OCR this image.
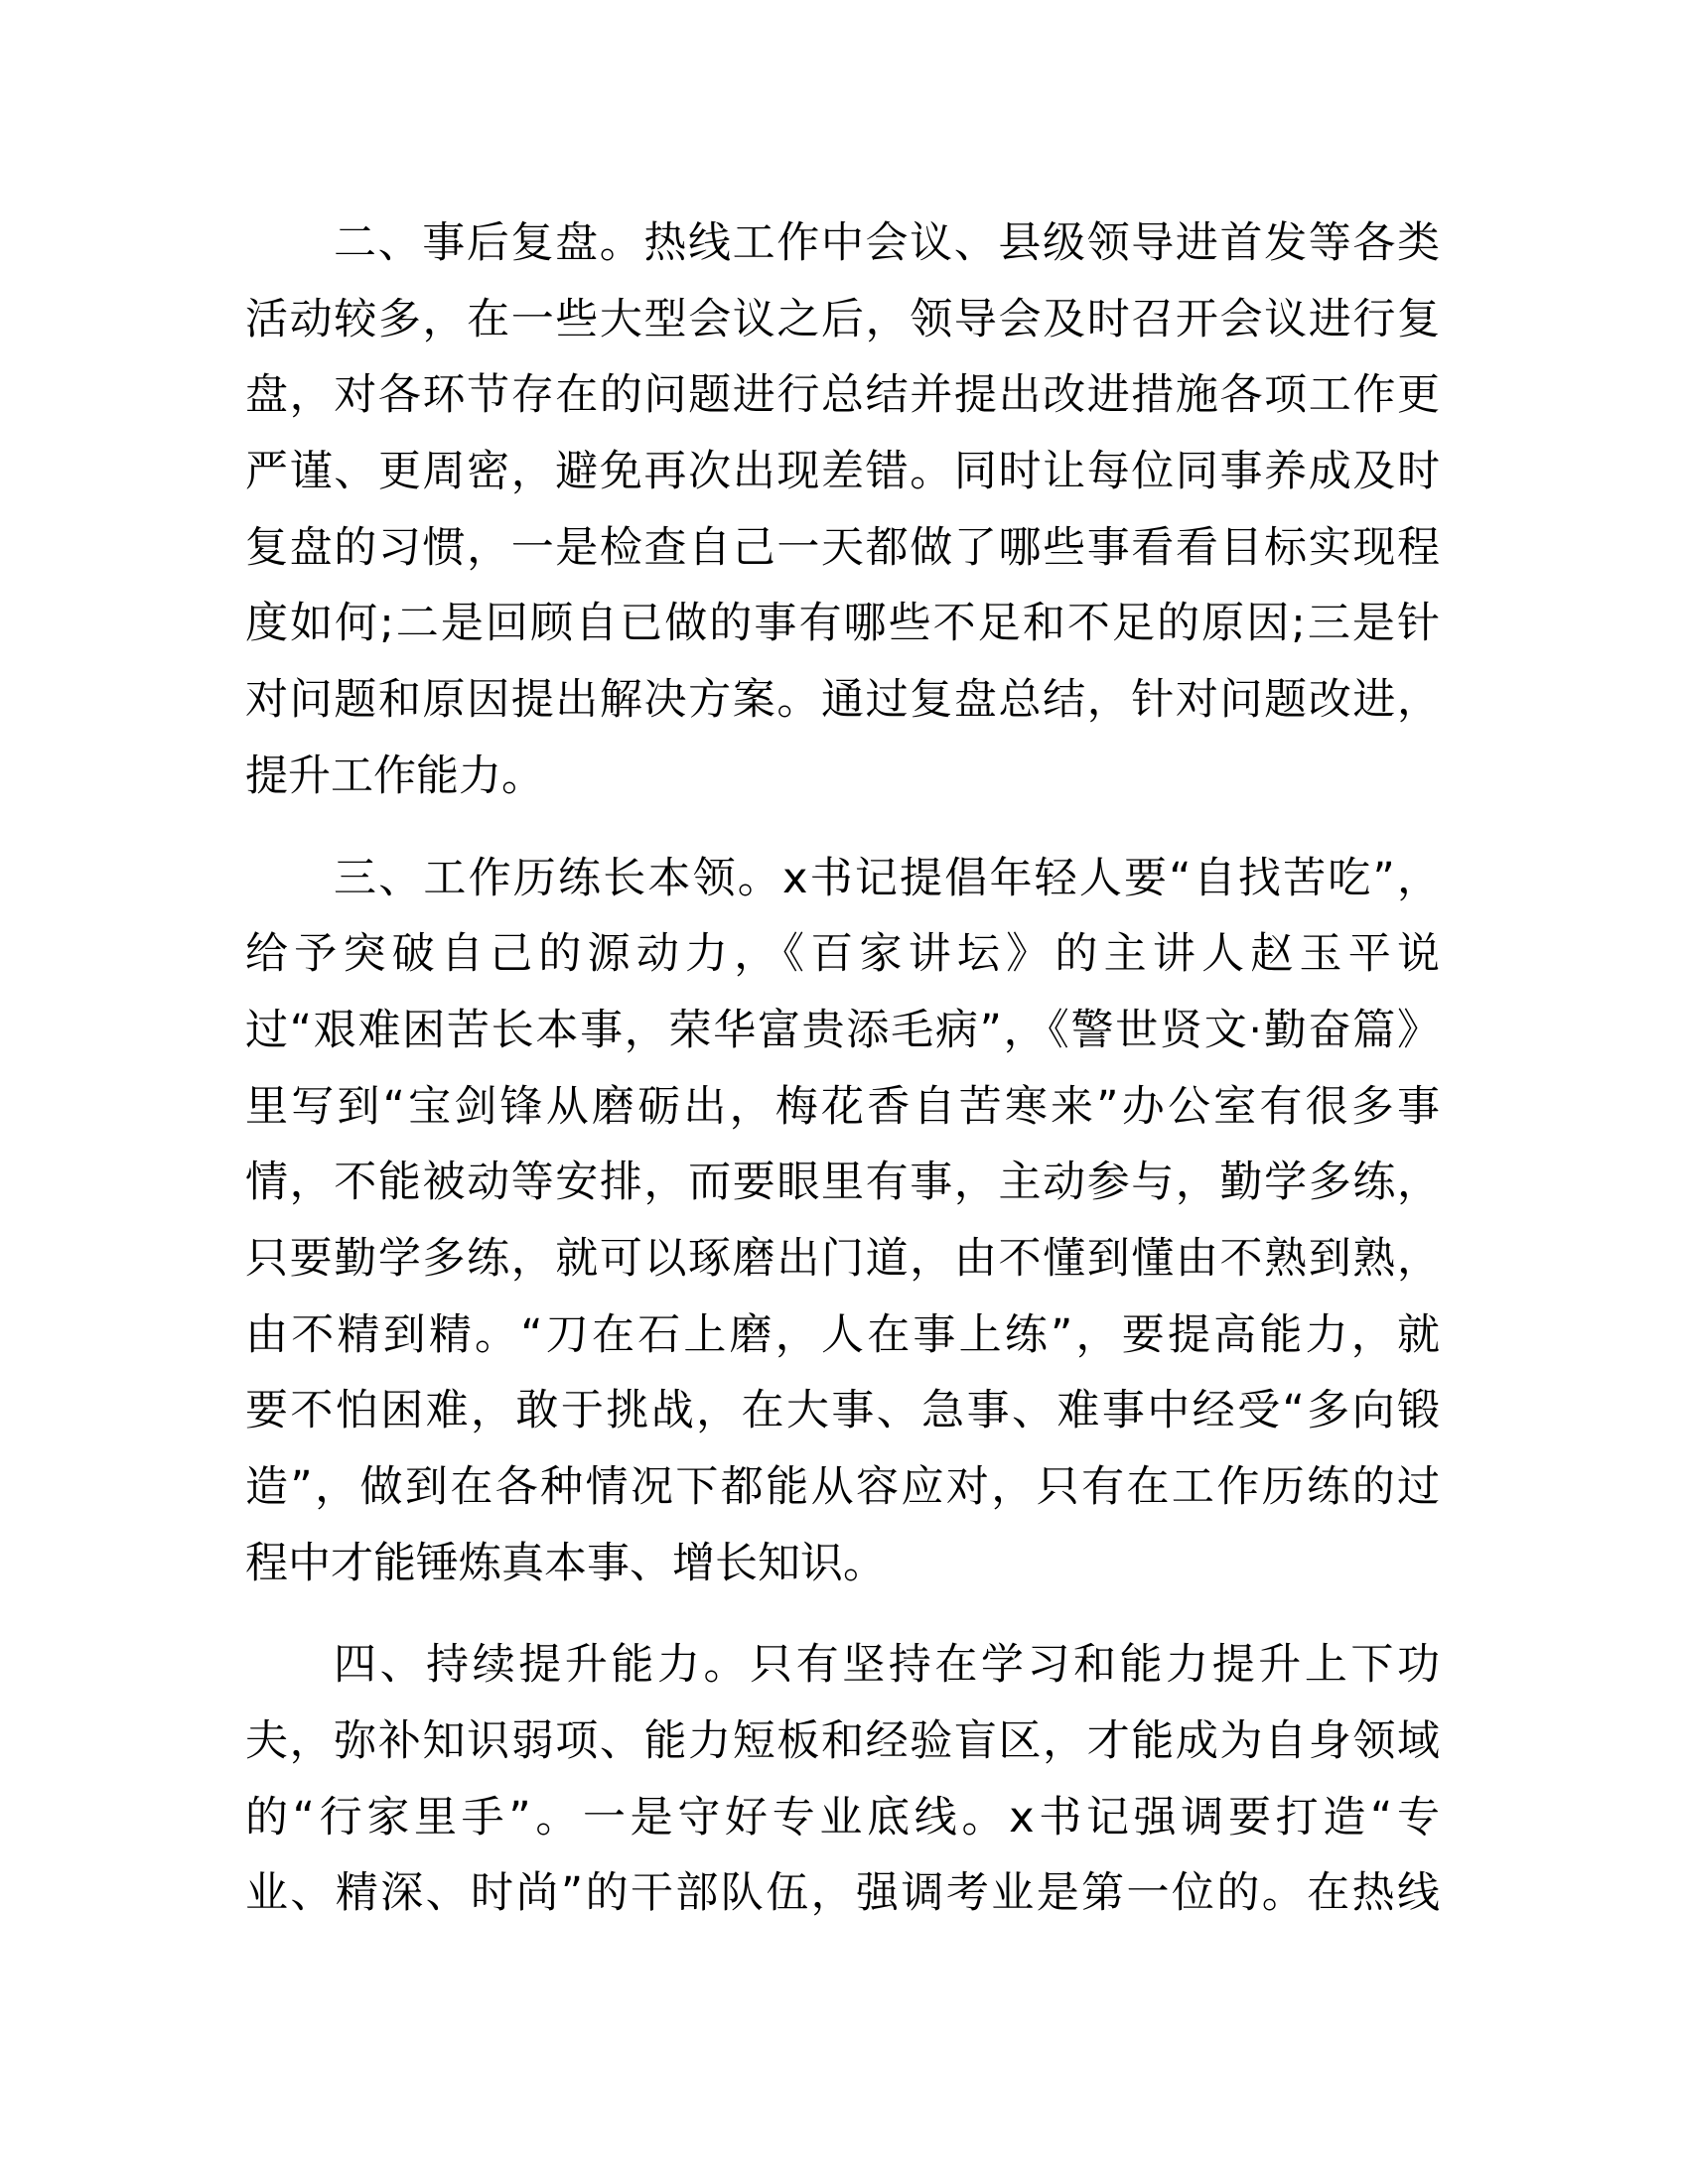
二、事后复盘。热线工作中会议、县级领导进首发等各类
活动较多，在一些大型会议之后，领导会及时召开会议进行复
盘，对各环节存在的问题进行总结并提出改进措施各项工作更
严谨、更周密，避免再次出现差错。同时让每位同事养成及时
复盘的习惯，一是检查自己一天都做了哪些事看看目标实现程
度如何;二是回顾自已做的事有哪些不足和不足的原因;三是针
对问题和原因提出解决方案。通过复盘总结，针对问题改进，
提升工作能力。
三、工作历练长本领。x书记提倡年轻人要“自找苦吃”，
给予突破自己的源动力，《百家讲坛》的主讲人赵玉平说
过“艰难困苦长本事，荣华富贵添毛病”，《警世贤文·勤奋篇》
里写到“宝剑锋从磨砺出，梅花香自苦寒来”办公室有很多事
情，不能被动等安排，而要眼里有事，主动参与，勤学多练，
只要勤学多练，就可以琢磨出门道，由不懂到懂由不熟到熟，
由不精到精。“刀在石上磨，人在事上练”，要提高能力，就
要不怕困难，敢于挑战，在大事、急事、难事中经受“多向锻
造”，做到在各种情况下都能从容应对，只有在工作历练的过
程中才能锤炼真本事、增长知识。
四、持续提升能力。只有坚持在学习和能力提升上下功
夫，弥补知识弱项、能力短板和经验盲区，才能成为自身领域
的“行家里手”。一是守好专业底线。x书记强调要打造“专
业、精深、时尚”的干部队伍，强调考业是第一位的。在热线
